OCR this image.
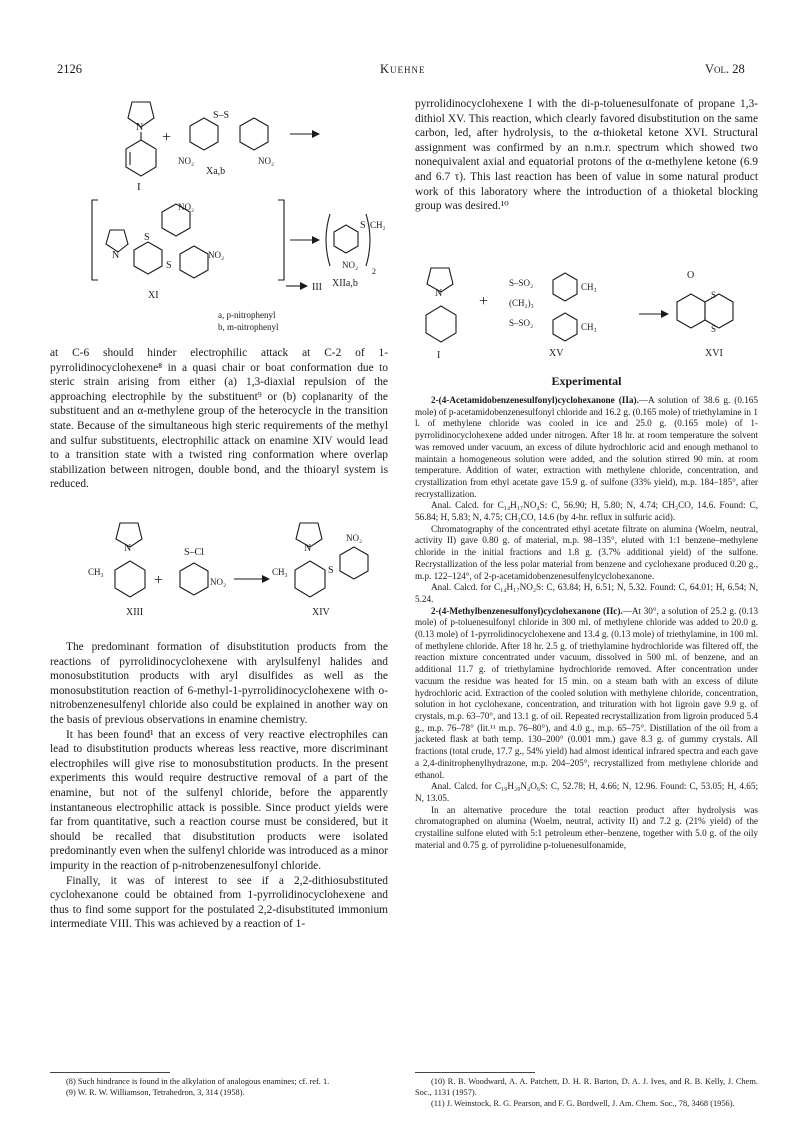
2126	Kuehne	Vol. 28
N
I
+
S–S
NO₂	NO₂
Xa,b
N
S
S
NO₂
NO₂
XI
III
NO₂
S CH₂
2
XIIa,b
a, p-nitrophenyl
b, m-nitrophenyl

at C-6 should hinder electrophilic attack at C-2 of 1-pyrrolidinocyclohexene⁸ in a quasi chair or boat conformation due to steric strain arising from either (a) 1,3-diaxial repulsion of the approaching electrophile by the substituent⁹ or (b) coplanarity of the substituent and an α-methylene group of the heterocycle in the transition state. Because of the simultaneous high steric requirements of the methyl and sulfur substituents, electrophilic attack on enamine XIV would lead to a transition state with a twisted ring conformation where overlap stabilization between nitrogen, double bond, and the thioaryl system is reduced.

N
CH₃
XIII
+
S–Cl
NO₂
N
CH₃	S
NO₂
XIV

The predominant formation of disubstitution products from the reactions of pyrrolidinocyclohexene with arylsulfenyl halides and monosubstitution products with aryl disulfides as well as the monosubstitution reaction of 6-methyl-1-pyrrolidinocyclohexene with o-nitrobenzenesulfenyl chloride also could be explained in another way on the basis of previous observations in enamine chemistry.

It has been found¹ that an excess of very reactive electrophiles can lead to disubstitution products whereas less reactive, more discriminant electrophiles will give rise to monosubstitution products. In the present experiments this would require destructive removal of a part of the enamine, but not of the sulfenyl chloride, before the apparently instantaneous electrophilic attack is possible. Since product yields were far from quantitative, such a reaction course must be considered, but it should be recalled that disubstitution products were isolated predominantly even when the sulfenyl chloride was introduced as a minor impurity in the reaction of p-nitrobenzenesulfonyl chloride.

Finally, it was of interest to see if a 2,2-dithiosubstituted cyclohexanone could be obtained from 1-pyrrolidinocyclohexene and thus to find some support for the postulated 2,2-disubstituted immonium intermediate VIII. This was achieved by a reaction of 1-

(8) Such hindrance is found in the alkylation of analogous enamines; cf. ref. 1.

(9) W. R. W. Williamson, Tetrahedron, 3, 314 (1958).

pyrrolidinocyclohexene I with the di-p-toluenesulfonate of propane 1,3-dithiol XV. This reaction, which clearly favored disubstitution on the same carbon, led, after hydrolysis, to the α-thioketal ketone XVI. Structural assignment was confirmed by an n.m.r. spectrum which showed two nonequivalent axial and equatorial protons of the α-methylene ketone (6.9 and 6.7 τ). This last reaction has been of value in some natural product work of this laboratory where the introduction of a thioketal blocking group was desired.¹⁰

N
I
+
S–SO₂	CH₃
(CH₂)₃
S–SO₂	CH₃
XV
O
S
S
XVI
Experimental

2-(4-Acetamidobenzenesulfonyl)cyclohexanone (IIa).—A solution of 38.6 g. (0.165 mole) of p-acetamidobenzenesulfonyl chloride and 16.2 g. (0.165 mole) of triethylamine in 1 l. of methylene chloride was cooled in ice and 25.0 g. (0.165 mole) of 1-pyrrolidinocyclohexene added under nitrogen. After 18 hr. at room temperature the solvent was removed under vacuum, an excess of dilute hydrochloric acid and enough methanol to maintain a homogeneous solution were added, and the solution stirred 90 min. at room temperature. Addition of water, extraction with methylene chloride, concentration, and crystallization from ethyl acetate gave 15.9 g. of sulfone (33% yield), m.p. 184–185°, after recrystallization.

Anal. Calcd. for C₁₄H₁₇NO₄S: C, 56.90; H, 5.80; N, 4.74; CH₃CO, 14.6. Found: C, 56.84; H, 5.83; N, 4.75; CH₃CO, 14.6 (by 4-hr. reflux in sulfuric acid).

Chromatography of the concentrated ethyl acetate filtrate on alumina (Woelm, neutral, activity II) gave 0.80 g. of material, m.p. 98–135°, eluted with 1:1 benzene–methylene chloride in the initial fractions and 1.8 g. (3.7% additional yield) of the sulfone. Recrystallization of the less polar material from benzene and cyclohexane produced 0.20 g., m.p. 122–124°, of 2-p-acetamidobenzenesulfenylcyclohexanone.

Anal. Calcd. for C₁₄H₁₇NO₂S: C, 63.84; H, 6.51; N, 5.32. Found: C, 64.01; H, 6.54; N, 5.24.

2-(4-Methylbenzenesulfonyl)cyclohexanone (IIc).—At 30°, a solution of 25.2 g. (0.13 mole) of p-toluenesulfonyl chloride in 300 ml. of methylene chloride was added to 20.0 g. (0.13 mole) of 1-pyrrolidinocyclohexene and 13.4 g. (0.13 mole) of triethylamine, in 100 ml. of methylene chloride. After 18 hr. 2.5 g. of triethylamine hydrochloride was filtered off, the reaction mixture concentrated under vacuum, dissolved in 500 ml. of benzene, and an additional 11.7 g. of triethylamine hydrochloride removed. After concentration under vacuum the residue was heated for 15 min. on a steam bath with an excess of dilute hydrochloric acid. Extraction of the cooled solution with methylene chloride, concentration, solution in hot cyclohexane, concentration, and trituration with hot ligroin gave 9.9 g. of crystals, m.p. 63–70°, and 13.1 g. of oil. Repeated recrystallization from ligroin produced 5.4 g., m.p. 76–78° (lit.¹¹ m.p. 76–80°), and 4.0 g., m.p. 65–75°. Distillation of the oil from a jacketed flask at bath temp. 130–200° (0.001 mm.) gave 8.3 g. of gummy crystals. All fractions (total crude, 17.7 g., 54% yield) had almost identical infrared spectra and each gave a 2,4-dinitrophenylhydrazone, m.p. 204–205°, recrystallized from methylene chloride and ethanol.

Anal. Calcd. for C₁₉H₂₀N₄O₆S: C, 52.78; H, 4.66; N, 12.96. Found: C, 53.05; H, 4.65; N, 13.05.

In an alternative procedure the total reaction product after hydrolysis was chromatographed on alumina (Woelm, neutral, activity II) and 7.2 g. (21% yield) of the crystalline sulfone eluted with 5:1 petroleum ether–benzene, together with 5.0 g. of the oily material and 0.75 g. of pyrrolidine p-toluenesulfonamide,

(10) R. B. Woodward, A. A. Patchett, D. H. R. Barton, D. A. J. Ives, and R. B. Kelly, J. Chem. Soc., 1131 (1957).

(11) J. Weinstock, R. G. Pearson, and F. G. Bordwell, J. Am. Chem. Soc., 78, 3468 (1956).
